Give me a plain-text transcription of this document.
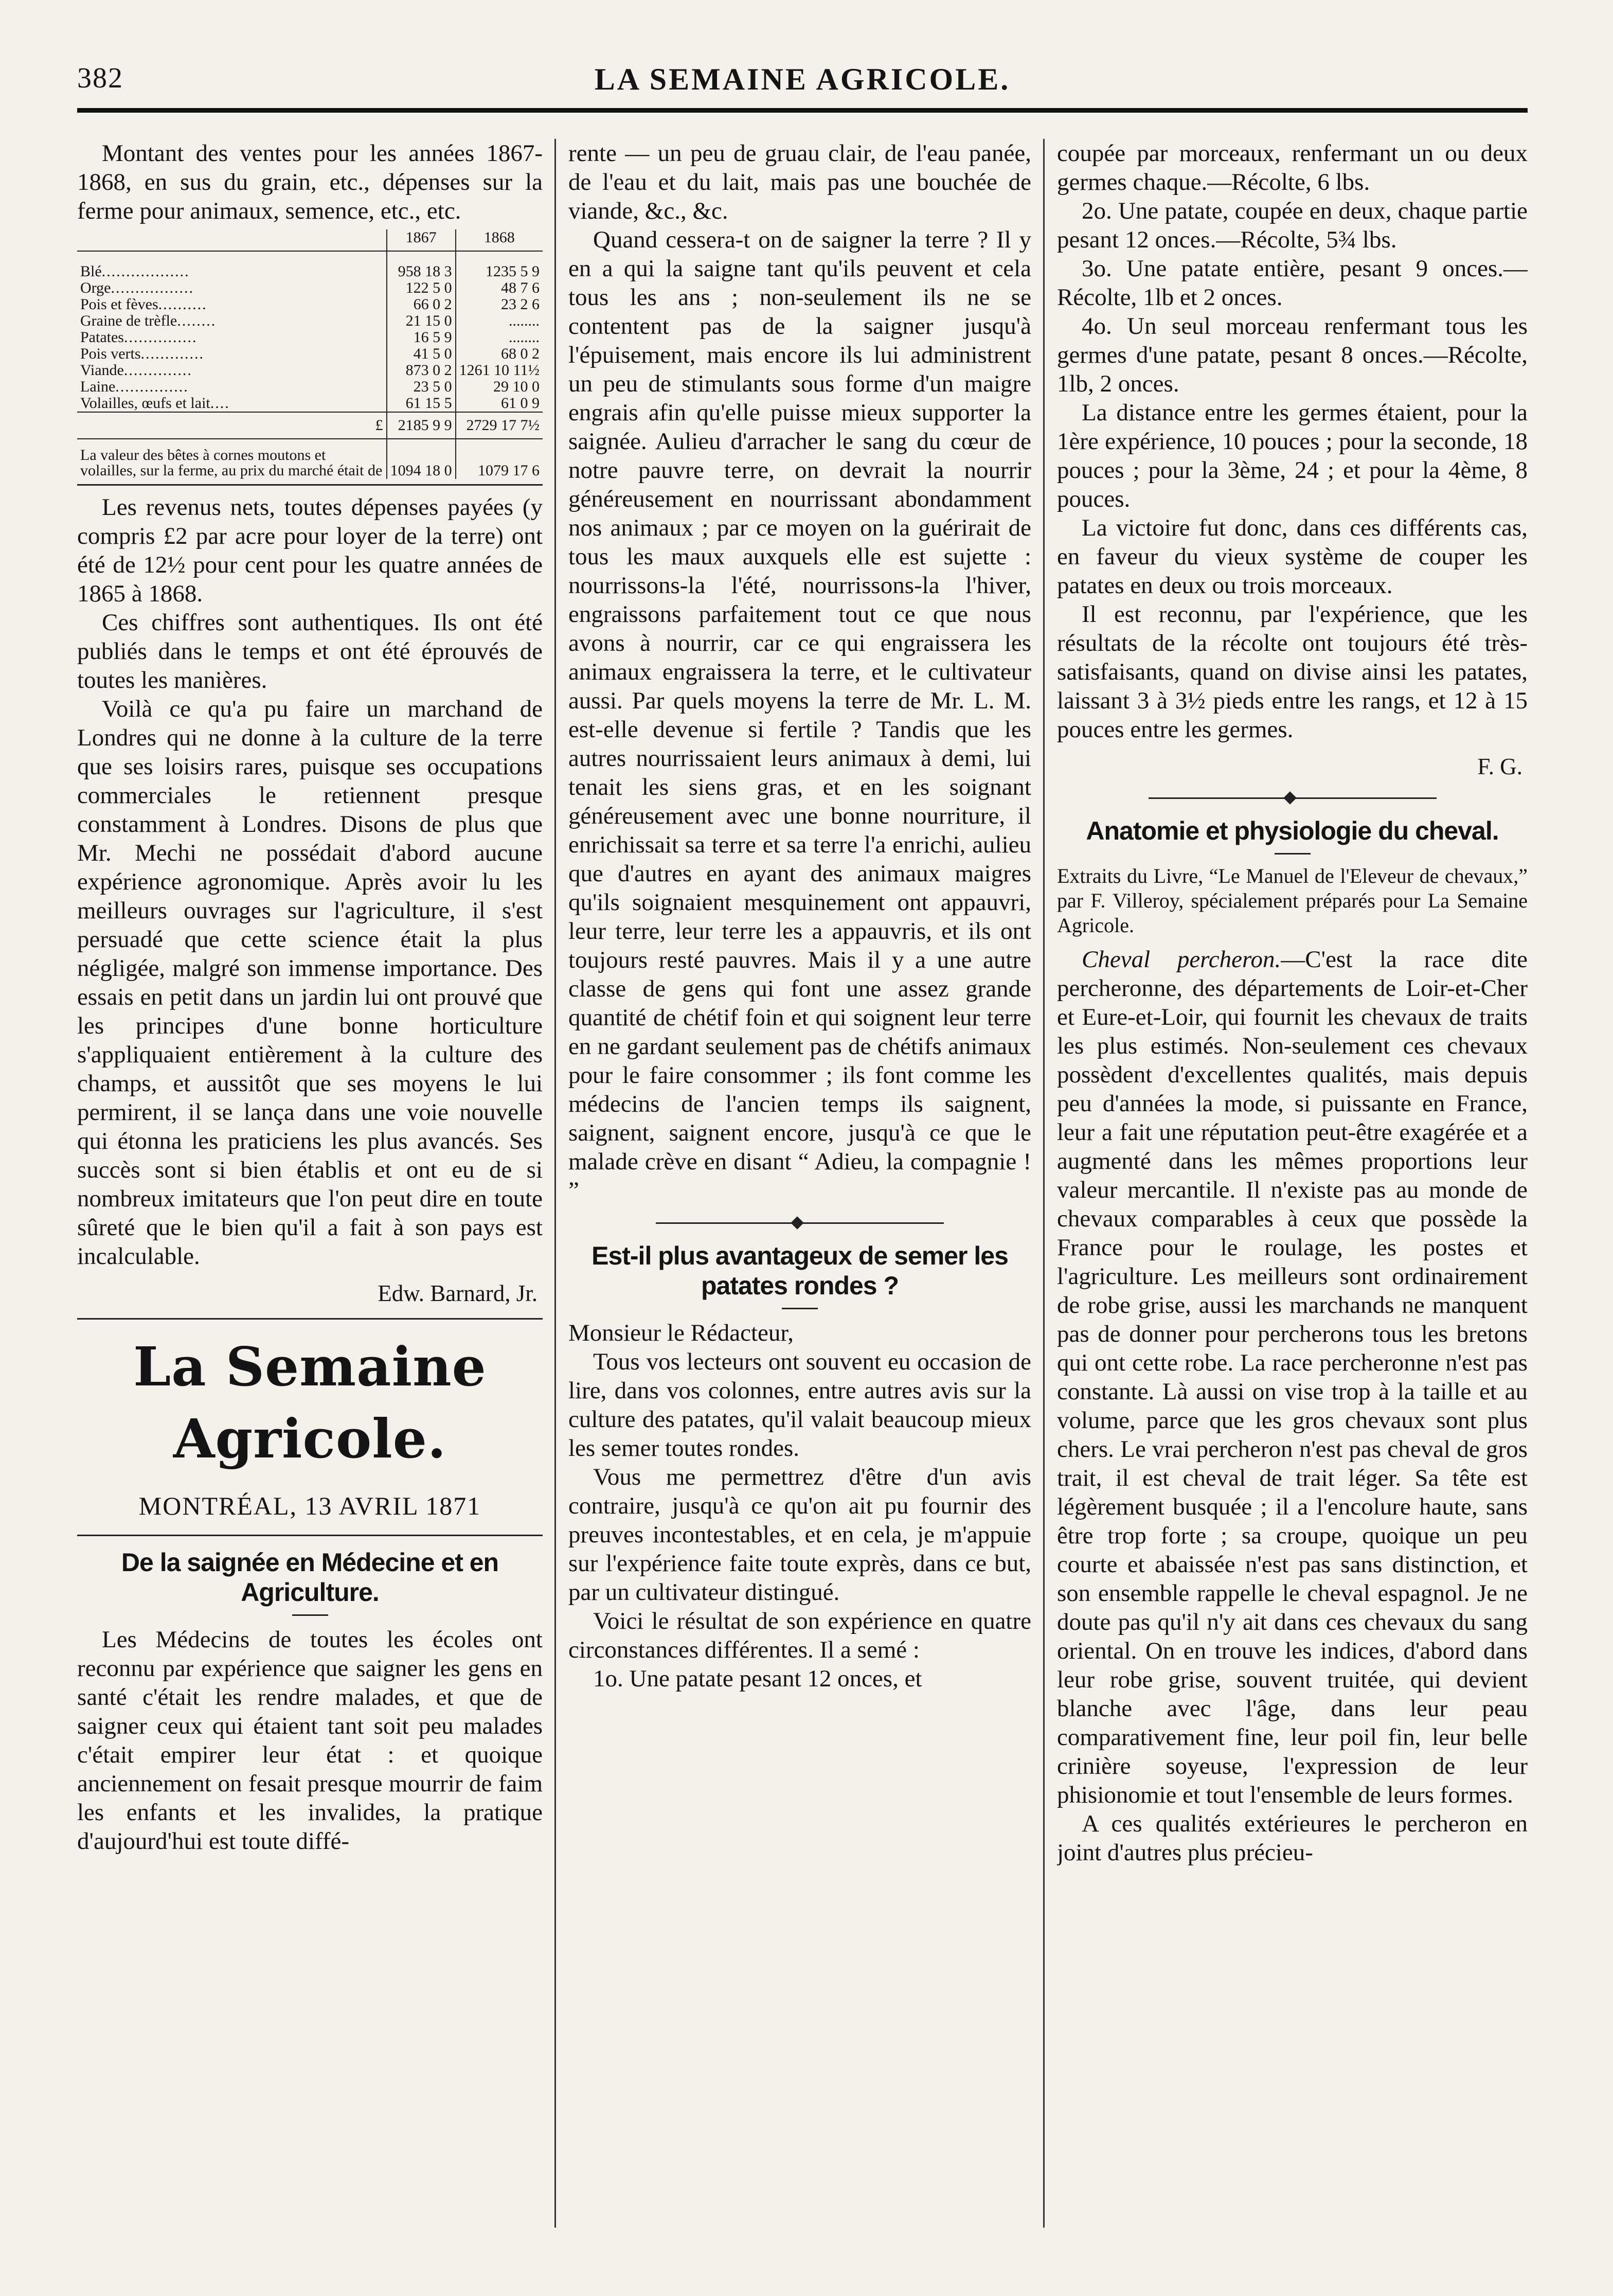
LA SEMAINE AGRICOLE.
382

Montant des ventes pour les années 1867-1868, en sus du grain, etc., dépenses sur la ferme pour animaux, semence, etc., etc.

	1867	1868
Blé..................	958 18 3	1235 5 9
Orge.................	122 5 0	48 7 6
Pois et fèves..........	66 0 2	23 2 6
Graine de trèfle........	21 15 0	........
Patates...............	16 5 9	........
Pois verts.............	41 5 0	68 0 2
Viande..............	873 0 2	1261 10 11½
Laine...............	23 5 0	29 10 0
Volailles, œufs et lait....	61 15 5	61 0 9
£	2185 9 9	2729 17 7½
La valeur des bêtes à cornes moutons et volailles, sur la ferme, au prix du marché était de	1094 18 0	1079 17 6

Les revenus nets, toutes dépenses payées (y compris £2 par acre pour loyer de la terre) ont été de 12½ pour cent pour les quatre années de 1865 à 1868.

Ces chiffres sont authentiques. Ils ont été publiés dans le temps et ont été éprouvés de toutes les manières.

Voilà ce qu'a pu faire un marchand de Londres qui ne donne à la culture de la terre que ses loisirs rares, puisque ses occupations commerciales le retiennent presque constamment à Londres. Disons de plus que Mr. Mechi ne possédait d'abord aucune expérience agronomique. Après avoir lu les meilleurs ouvrages sur l'agriculture, il s'est persuadé que cette science était la plus négligée, malgré son immense importance. Des essais en petit dans un jardin lui ont prouvé que les principes d'une bonne horticulture s'appliquaient entièrement à la culture des champs, et aussitôt que ses moyens le lui permirent, il se lança dans une voie nouvelle qui étonna les praticiens les plus avancés. Ses succès sont si bien établis et ont eu de si nombreux imitateurs que l'on peut dire en toute sûreté que le bien qu'il a fait à son pays est incalculable.

Edw. Barnard, Jr.
La Semaine Agricole.
MONTRÉAL, 13 AVRIL 1871
De la saignée en Médecine et en Agriculture.

Les Médecins de toutes les écoles ont reconnu par expérience que saigner les gens en santé c'était les rendre malades, et que de saigner ceux qui étaient tant soit peu malades c'était empirer leur état : et quoique anciennement on fesait presque mourrir de faim les enfants et les invalides, la pratique d'aujourd'hui est toute diffé-

rente — un peu de gruau clair, de l'eau panée, de l'eau et du lait, mais pas une bouchée de viande, &c., &c.

Quand cessera-t on de saigner la terre ? Il y en a qui la saigne tant qu'ils peuvent et cela tous les ans ; non-seulement ils ne se contentent pas de la saigner jusqu'à l'épuisement, mais encore ils lui administrent un peu de stimulants sous forme d'un maigre engrais afin qu'elle puisse mieux supporter la saignée. Aulieu d'arracher le sang du cœur de notre pauvre terre, on devrait la nourrir généreusement en nourrissant abondamment nos animaux ; par ce moyen on la guérirait de tous les maux auxquels elle est sujette : nourrissons-la l'été, nourrissons-la l'hiver, engraissons parfaitement tout ce que nous avons à nourrir, car ce qui engraissera les animaux engraissera la terre, et le cultivateur aussi. Par quels moyens la terre de Mr. L. M. est-elle devenue si fertile ? Tandis que les autres nourrissaient leurs animaux à demi, lui tenait les siens gras, et en les soignant généreusement avec une bonne nourriture, il enrichissait sa terre et sa terre l'a enrichi, aulieu que d'autres en ayant des animaux maigres qu'ils soignaient mesquinement ont appauvri, leur terre, leur terre les a appauvris, et ils ont toujours resté pauvres. Mais il y a une autre classe de gens qui font une assez grande quantité de chétif foin et qui soignent leur terre en ne gardant seulement pas de chétifs animaux pour le faire consommer ; ils font comme les médecins de l'ancien temps ils saignent, saignent, saignent encore, jusqu'à ce que le malade crève en disant “ Adieu, la compagnie ! ”

Est-il plus avantageux de semer les patates rondes ?

Monsieur le Rédacteur,

Tous vos lecteurs ont souvent eu occasion de lire, dans vos colonnes, entre autres avis sur la culture des patates, qu'il valait beaucoup mieux les semer toutes rondes.

Vous me permettrez d'être d'un avis contraire, jusqu'à ce qu'on ait pu fournir des preuves incontestables, et en cela, je m'appuie sur l'expérience faite toute exprès, dans ce but, par un cultivateur distingué.

Voici le résultat de son expérience en quatre circonstances différentes. Il a semé :

1o. Une patate pesant 12 onces, et

coupée par morceaux, renfermant un ou deux germes chaque.—Récolte, 6 lbs.

2o. Une patate, coupée en deux, chaque partie pesant 12 onces.—Récolte, 5¾ lbs.

3o. Une patate entière, pesant 9 onces.—Récolte, 1lb et 2 onces.

4o. Un seul morceau renfermant tous les germes d'une patate, pesant 8 onces.—Récolte, 1lb, 2 onces.

La distance entre les germes étaient, pour la 1ère expérience, 10 pouces ; pour la seconde, 18 pouces ; pour la 3ème, 24 ; et pour la 4ème, 8 pouces.

La victoire fut donc, dans ces différents cas, en faveur du vieux système de couper les patates en deux ou trois morceaux.

Il est reconnu, par l'expérience, que les résultats de la récolte ont toujours été très-satisfaisants, quand on divise ainsi les patates, laissant 3 à 3½ pieds entre les rangs, et 12 à 15 pouces entre les germes.

F. G.
Anatomie et physiologie du cheval.

Extraits du Livre, “Le Manuel de l'Eleveur de chevaux,” par F. Villeroy, spécialement préparés pour La Semaine Agricole.

Cheval percheron.—C'est la race dite percheronne, des départements de Loir-et-Cher et Eure-et-Loir, qui fournit les chevaux de traits les plus estimés. Non-seulement ces chevaux possèdent d'excellentes qualités, mais depuis peu d'années la mode, si puissante en France, leur a fait une réputation peut-être exagérée et a augmenté dans les mêmes proportions leur valeur mercantile. Il n'existe pas au monde de chevaux comparables à ceux que possède la France pour le roulage, les postes et l'agriculture. Les meilleurs sont ordinairement de robe grise, aussi les marchands ne manquent pas de donner pour percherons tous les bretons qui ont cette robe. La race percheronne n'est pas constante. Là aussi on vise trop à la taille et au volume, parce que les gros chevaux sont plus chers. Le vrai percheron n'est pas cheval de gros trait, il est cheval de trait léger. Sa tête est légèrement busquée ; il a l'encolure haute, sans être trop forte ; sa croupe, quoique un peu courte et abaissée n'est pas sans distinction, et son ensemble rappelle le cheval espagnol. Je ne doute pas qu'il n'y ait dans ces chevaux du sang oriental. On en trouve les indices, d'abord dans leur robe grise, souvent truitée, qui devient blanche avec l'âge, dans leur peau comparativement fine, leur poil fin, leur belle crinière soyeuse, l'expression de leur phisionomie et tout l'ensemble de leurs formes.

A ces qualités extérieures le percheron en joint d'autres plus précieu-
